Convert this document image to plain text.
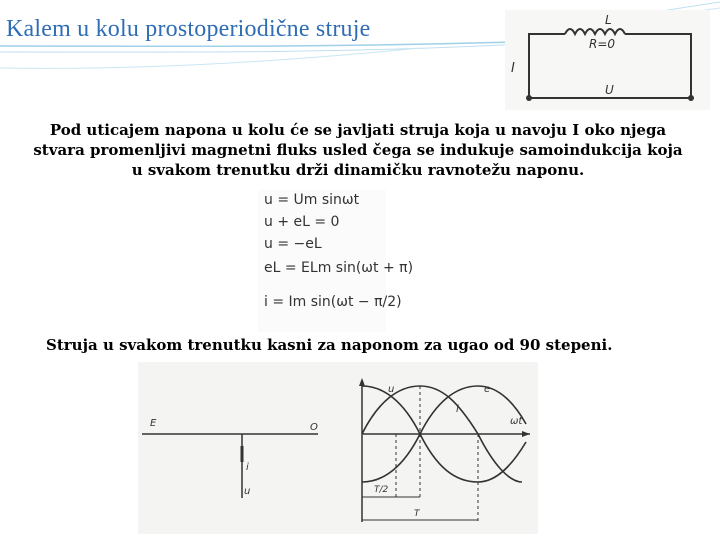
Kalem u kolu prostoperiodične struje	L
R=0
I
U
Pod uticajem napona u kolu će se javljati struja koja u navoju I oko njega stvara promenljivi magnetni fluks usled čega se indukuje samoindukcija koja u svakom trenutku drži dinamičku ravnotežu naponu.
u = Um sinωt
u + eL = 0
u = −eL
eL = ELm sin(ωt + π)
i = Im sin(ωt − π/2)
Struja u svakom trenutku kasni za naponom za ugao od 90 stepeni.
E	O
ωt
i
u
u
i
e
T/2
T
